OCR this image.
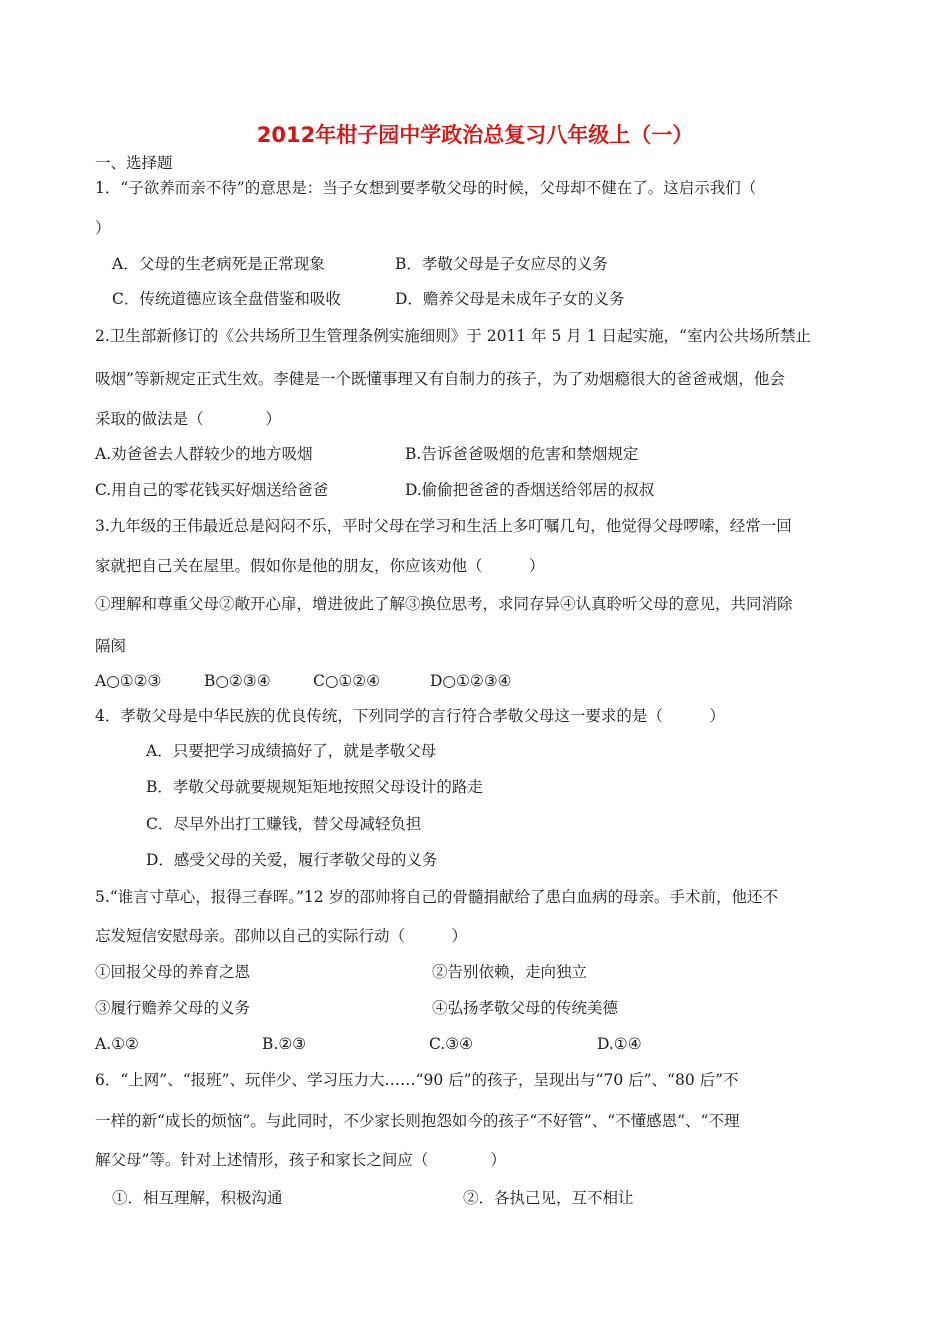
2012年柑子园中学政治总复习八年级上（一）
一、选择题
1．“子欲养而亲不待”的意思是：当子女想到要孝敬父母的时候，父母却不健在了。这启示我们（
）
A．父母的生老病死是正常现象	B．孝敬父母是子女应尽的义务
C．传统道德应该全盘借鉴和吸收	D．赡养父母是未成年子女的义务
2.卫生部新修订的《公共场所卫生管理条例实施细则》于 2011 年 5 月 1 日起实施，“室内公共场所禁止
吸烟”等新规定正式生效。李健是一个既懂事理又有自制力的孩子，为了劝烟瘾很大的爸爸戒烟，他会
采取的做法是（　　　　）
A.劝爸爸去人群较少的地方吸烟	B.告诉爸爸吸烟的危害和禁烟规定
C.用自己的零花钱买好烟送给爸爸	D.偷偷把爸爸的香烟送给邻居的叔叔
3.九年级的王伟最近总是闷闷不乐，平时父母在学习和生活上多叮嘱几句，他觉得父母啰嗦，经常一回
家就把自己关在屋里。假如你是他的朋友，你应该劝他（　　　）
①理解和尊重父母②敞开心扉，增进彼此了解③换位思考，求同存异④认真聆听父母的意见，共同消除
隔阂
A○①②③	B○②③④	C○①②④	D○①②③④
4．孝敬父母是中华民族的优良传统，下列同学的言行符合孝敬父母这一要求的是（　　　）
A．只要把学习成绩搞好了，就是孝敬父母
B．孝敬父母就要规规矩矩地按照父母设计的路走
C．尽早外出打工赚钱，替父母减轻负担
D．感受父母的关爱，履行孝敬父母的义务
5.“谁言寸草心，报得三春晖。”12 岁的邵帅将自己的骨髓捐献给了患白血病的母亲。手术前，他还不
忘发短信安慰母亲。邵帅以自己的实际行动（　　　）
①回报父母的养育之恩	②告别依赖，走向独立
③履行赡养父母的义务	④弘扬孝敬父母的传统美德
A.①②	B.②③	C.③④	D.①④
6．“上网”、“报班”、玩伴少、学习压力大……“90 后”的孩子，呈现出与“70 后”、“80 后”不
一样的新“成长的烦恼”。与此同时，不少家长则抱怨如今的孩子“不好管”、“不懂感恩”、“不理
解父母”等。针对上述情形，孩子和家长之间应（　　　　）
①．相互理解，积极沟通	②．各执己见，互不相让
